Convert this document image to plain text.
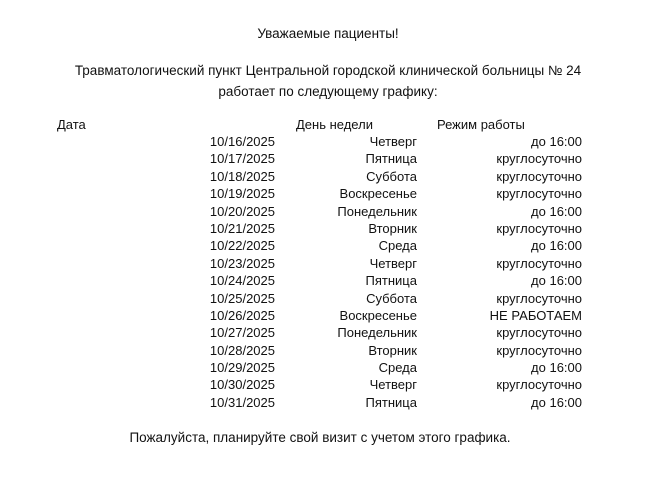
Уважаемые пациенты!
Травматологический пункт Центральной городской клинической больницы № 24
работает по следующему графику:
Дата	День недели	Режим работы
10/16/2025	Четверг	до 16:00
10/17/2025	Пятница	круглосуточно
10/18/2025	Суббота	круглосуточно
10/19/2025	Воскресенье	круглосуточно
10/20/2025	Понедельник	до 16:00
10/21/2025	Вторник	круглосуточно
10/22/2025	Среда	до 16:00
10/23/2025	Четверг	круглосуточно
10/24/2025	Пятница	до 16:00
10/25/2025	Суббота	круглосуточно
10/26/2025	Воскресенье	НЕ РАБОТАЕМ
10/27/2025	Понедельник	круглосуточно
10/28/2025	Вторник	круглосуточно
10/29/2025	Среда	до 16:00
10/30/2025	Четверг	круглосуточно
10/31/2025	Пятница	до 16:00
Пожалуйста, планируйте свой визит с учетом этого графика.
